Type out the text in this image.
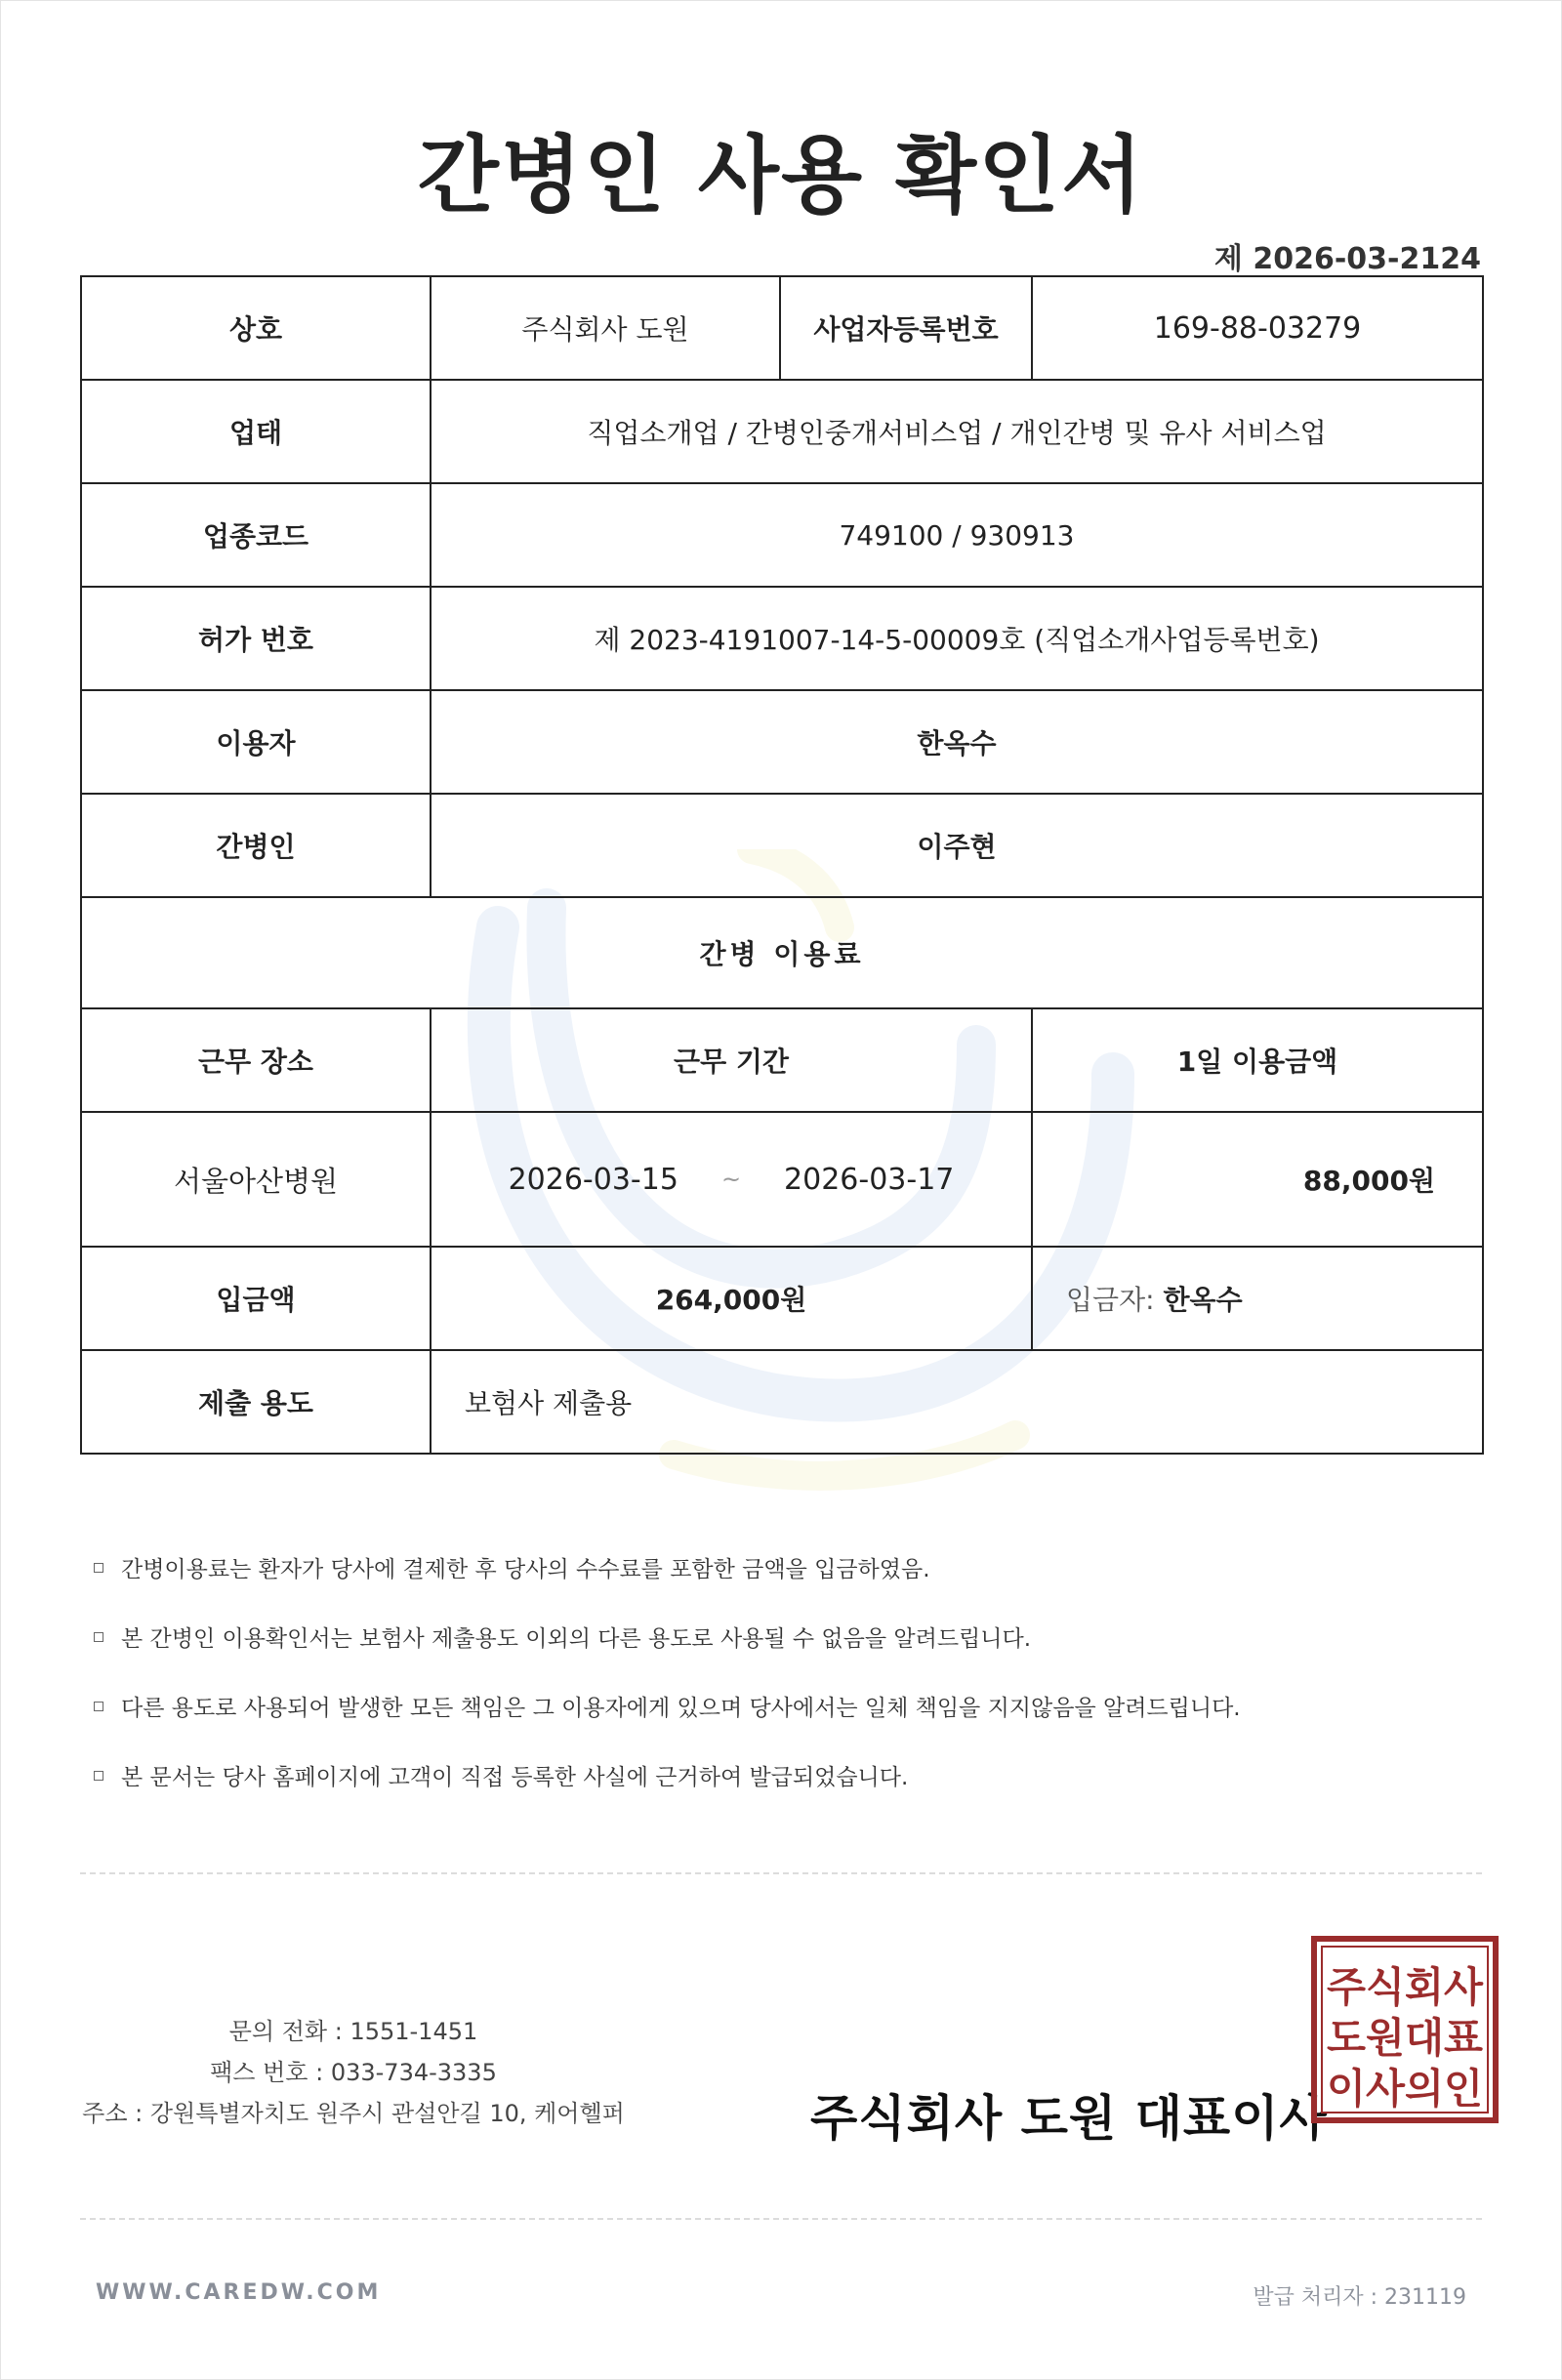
간병인 사용 확인서
제 2026-03-2124
상호	주식회사 도원	사업자등록번호	169-88-03279
업태	직업소개업 / 간병인중개서비스업 / 개인간병 및 유사 서비스업		
업종코드	749100 / 930913		
허가 번호	제 2023-4191007-14-5-00009호 (직업소개사업등록번호)		
이용자	한옥수		
간병인	이주현		
간병 이용료			
근무 장소	근무 기간		1일 이용금액
서울아산병원	2026-03-15 ~ 2026-03-17		88,000원
입금액	264,000원		입금자: 한옥수
제출 용도	보험사 제출용		
간병이용료는 환자가 당사에 결제한 후 당사의 수수료를 포함한 금액을 입금하였음.
본 간병인 이용확인서는 보험사 제출용도 이외의 다른 용도로 사용될 수 없음을 알려드립니다.
다른 용도로 사용되어 발생한 모든 책임은 그 이용자에게 있으며 당사에서는 일체 책임을 지지않음을 알려드립니다.
본 문서는 당사 홈페이지에 고객이 직접 등록한 사실에 근거하여 발급되었습니다.
문의 전화 : 1551-1451
팩스 번호 : 033-734-3335
주소 : 강원특별자치도 원주시 관설안길 10, 케어헬퍼	주식회사 도원 대표이사
주식회사
도원대표
이사의인
WWW.CAREDW.COM	발급 처리자 : 231119
